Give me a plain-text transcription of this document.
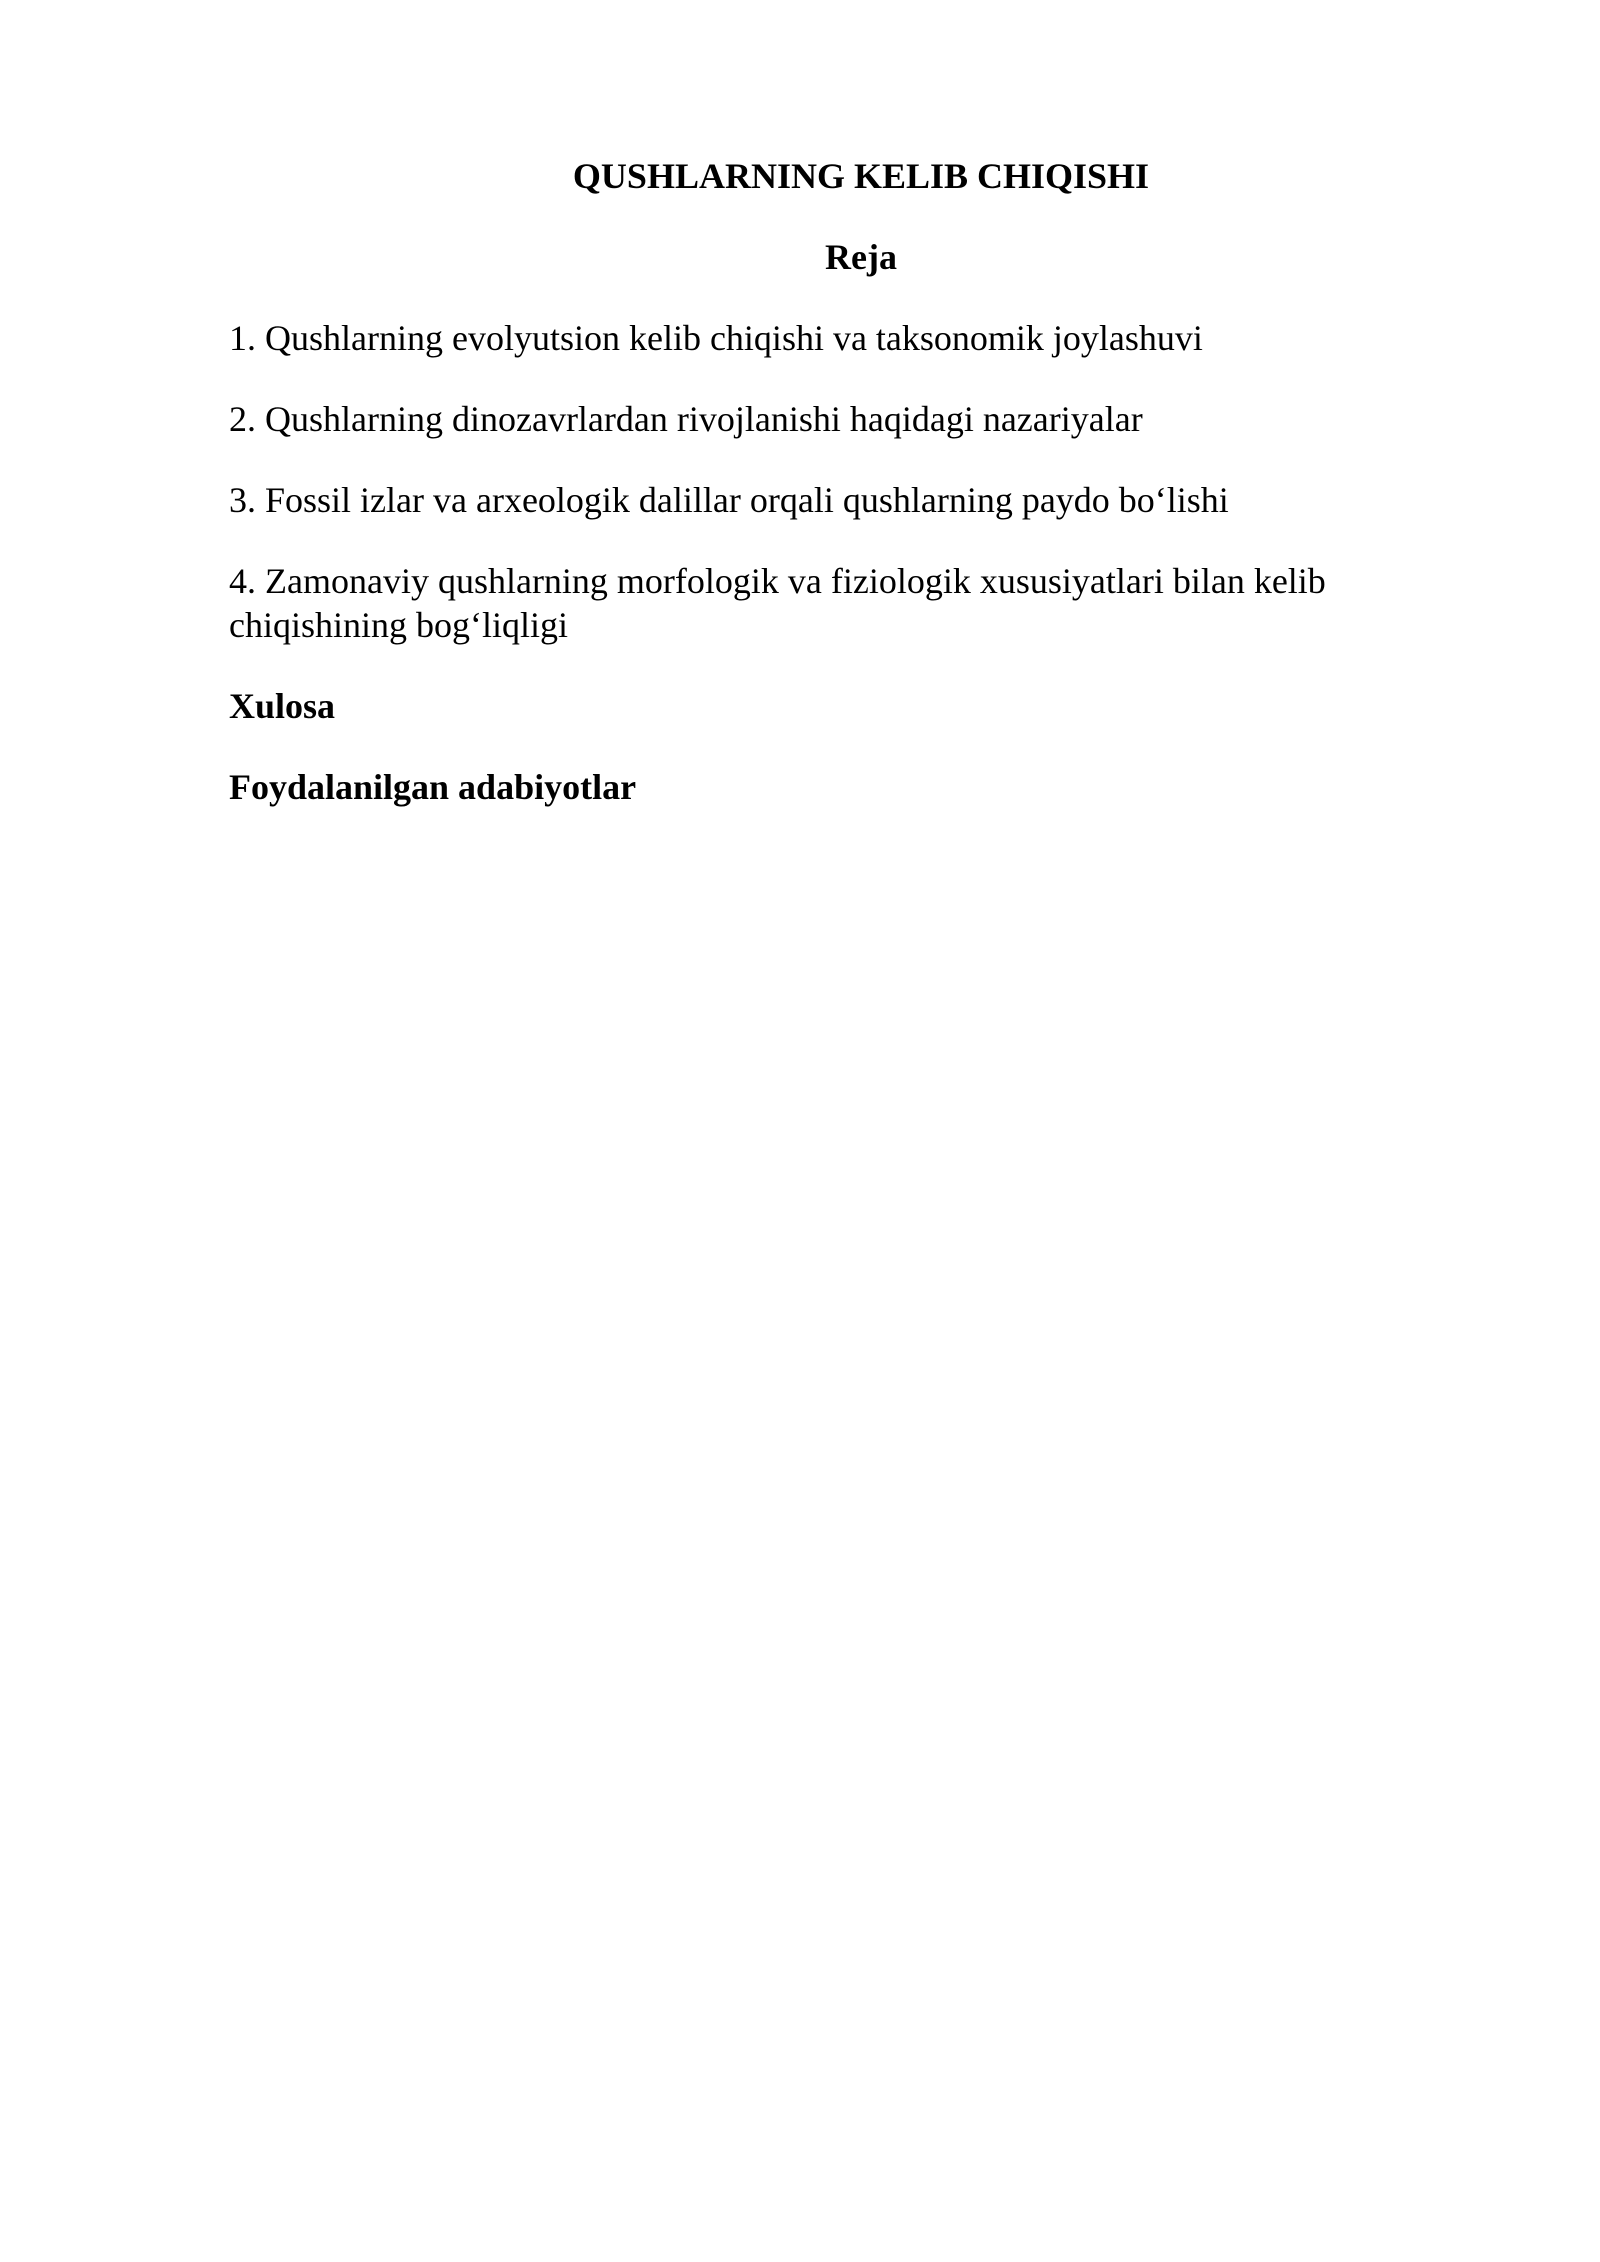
QUSHLARNING KELIB CHIQISHI
Reja
1. Qushlarning evolyutsion kelib chiqishi va taksonomik joylashuvi
2. Qushlarning dinozavrlardan rivojlanishi haqidagi nazariyalar
3. Fossil izlar va arxeologik dalillar orqali qushlarning paydo bo‘lishi
4. Zamonaviy qushlarning morfologik va fiziologik xususiyatlari bilan kelib
chiqishining bog‘liqligi
Xulosa
Foydalanilgan adabiyotlar
